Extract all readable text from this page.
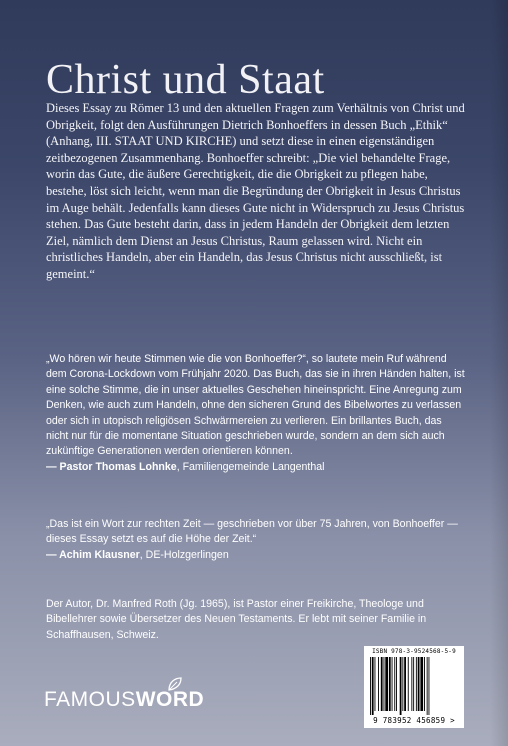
Christ und Staat

Dieses Essay zu Römer 13 und den aktuellen Fragen zum Verhältnis von Christ und Obrigkeit, folgt den Ausführungen Dietrich Bonhoeffers in dessen Buch „Ethik“ (Anhang, III. STAAT UND KIRCHE) und setzt diese in einen eigenständigen zeitbezogenen Zusammenhang. Bonhoeffer schreibt: „Die viel behandelte Frage, worin das Gute, die äußere Gerechtigkeit, die die Obrigkeit zu pflegen habe, bestehe, löst sich leicht, wenn man die Begründung der Obrigkeit in Jesus Christus im Auge behält. Jedenfalls kann dieses Gute nicht in Widerspruch zu Jesus Christus stehen. Das Gute besteht darin, dass in jedem Handeln der Obrigkeit dem letzten Ziel, nämlich dem Dienst an Jesus Christus, Raum gelassen wird. Nicht ein christliches Handeln, aber ein Handeln, das Jesus Christus nicht ausschließt, ist gemeint.“

„Wo hören wir heute Stimmen wie die von Bonhoeffer?“, so lautete mein Ruf während dem Corona-Lockdown vom Frühjahr 2020. Das Buch, das sie in ihren Händen halten, ist eine solche Stimme, die in unser aktuelles Geschehen hineinspricht. Eine Anregung zum Denken, wie auch zum Handeln, ohne den sicheren Grund des Bibelwortes zu verlassen oder sich in utopisch religiösen Schwärmereien zu verlieren. Ein brillantes Buch, das nicht nur für die momentane Situation geschrieben wurde, sondern an dem sich auch zukünftige Generationen werden orientieren können.
— Pastor Thomas Lohnke, Familiengemeinde Langenthal
„Das ist ein Wort zur rechten Zeit — geschrieben vor über 75 Jahren, von Bonhoeffer — dieses Essay setzt es auf die Höhe der Zeit.“
— Achim Klausner, DE-Holzgerlingen

Der Autor, Dr. Manfred Roth (Jg. 1965), ist Pastor einer Freikirche, Theologe und Bibellehrer sowie Übersetzer des Neuen Testaments. Er lebt mit seiner Familie in Schaffhausen, Schweiz.

FAMOUS WORD
ISBN 978-3-9524568-5-9
9 783952 456859 >
